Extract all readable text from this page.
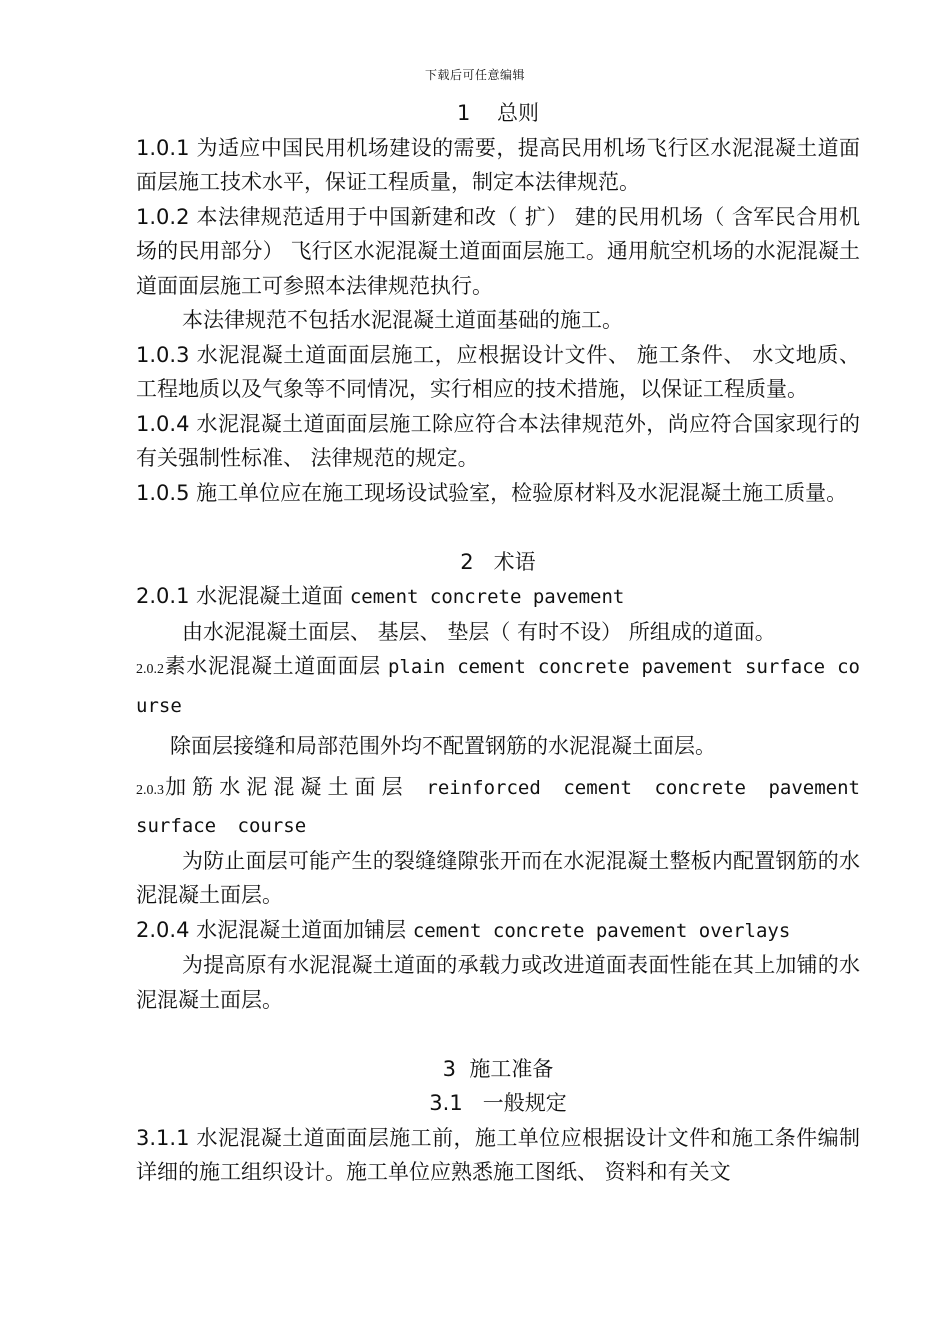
下载后可任意编辑
1    总则
1.0.1 为适应中国民用机场建设的需要，提高民用机场飞行区水泥混凝土道面面层施工技术水平，保证工程质量，制定本法律规范。
1.0.2 本法律规范适用于中国新建和改（ 扩） 建的民用机场（ 含军民合用机场的民用部分） 飞行区水泥混凝土道面面层施工。通用航空机场的水泥混凝土道面面层施工可参照本法律规范执行。
本法律规范不包括水泥混凝土道面基础的施工。
1.0.3 水泥混凝土道面面层施工，应根据设计文件、 施工条件、 水文地质、 工程地质以及气象等不同情况，实行相应的技术措施，以保证工程质量。
1.0.4 水泥混凝土道面面层施工除应符合本法律规范外，尚应符合国家现行的有关强制性标准、 法律规范的规定。
1.0.5 施工单位应在施工现场设试验室，检验原材料及水泥混凝土施工质量。
2   术语
2.0.1 水泥混凝土道面 cement concrete pavement
由水泥混凝土面层、 基层、 垫层（ 有时不设） 所组成的道面。
2.0.2素水泥混凝土道面面层 plain cement concrete pavement surface course
除面层接缝和局部范围外均不配置钢筋的水泥混凝土面层。
2.0.3加筋水泥混凝土面层 reinforced cement concrete pavement surface course
为防止面层可能产生的裂缝缝隙张开而在水泥混凝土整板内配置钢筋的水泥混凝土面层。
2.0.4 水泥混凝土道面加铺层 cement concrete pavement overlays
为提高原有水泥混凝土道面的承载力或改进道面表面性能在其上加铺的水泥混凝土面层。
3  施工准备
3.1   一般规定
3.1.1 水泥混凝土道面面层施工前，施工单位应根据设计文件和施工条件编制详细的施工组织设计。施工单位应熟悉施工图纸、 资料和有关文
